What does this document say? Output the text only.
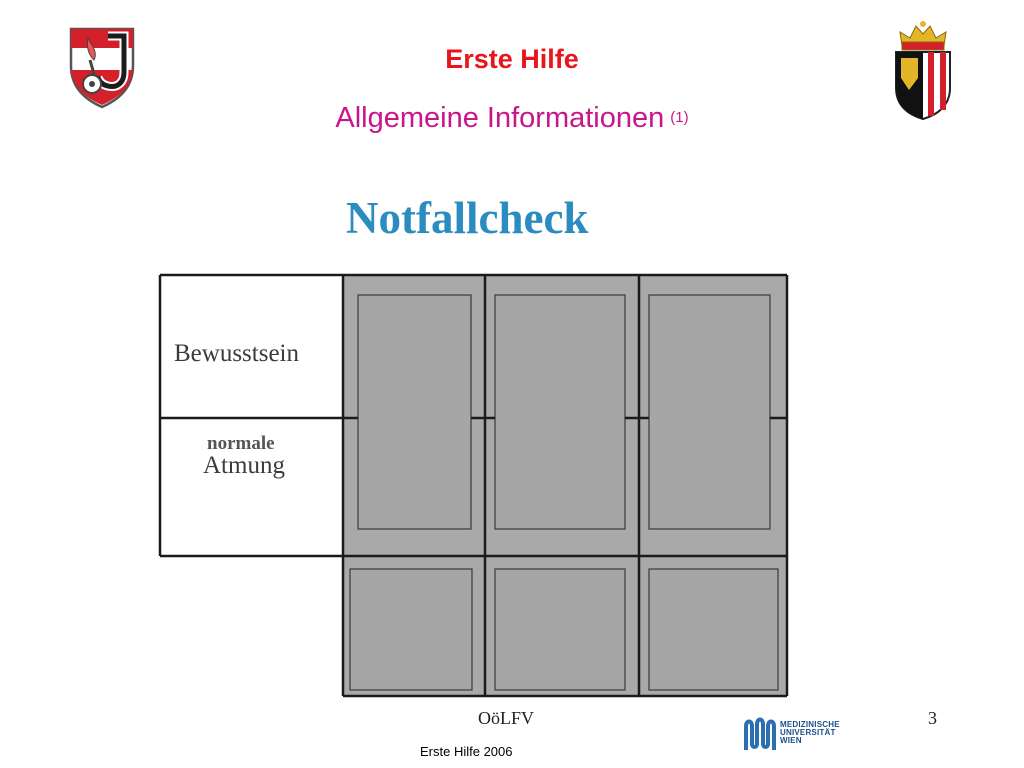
Erste Hilfe
Allgemeine Informationen (1)
Notfallcheck
Bewusstsein
normale
Atmung
OöLFV	3
MEDIZINISCHE
UNIVERSITÄT
WIEN
Erste Hilfe 2006
